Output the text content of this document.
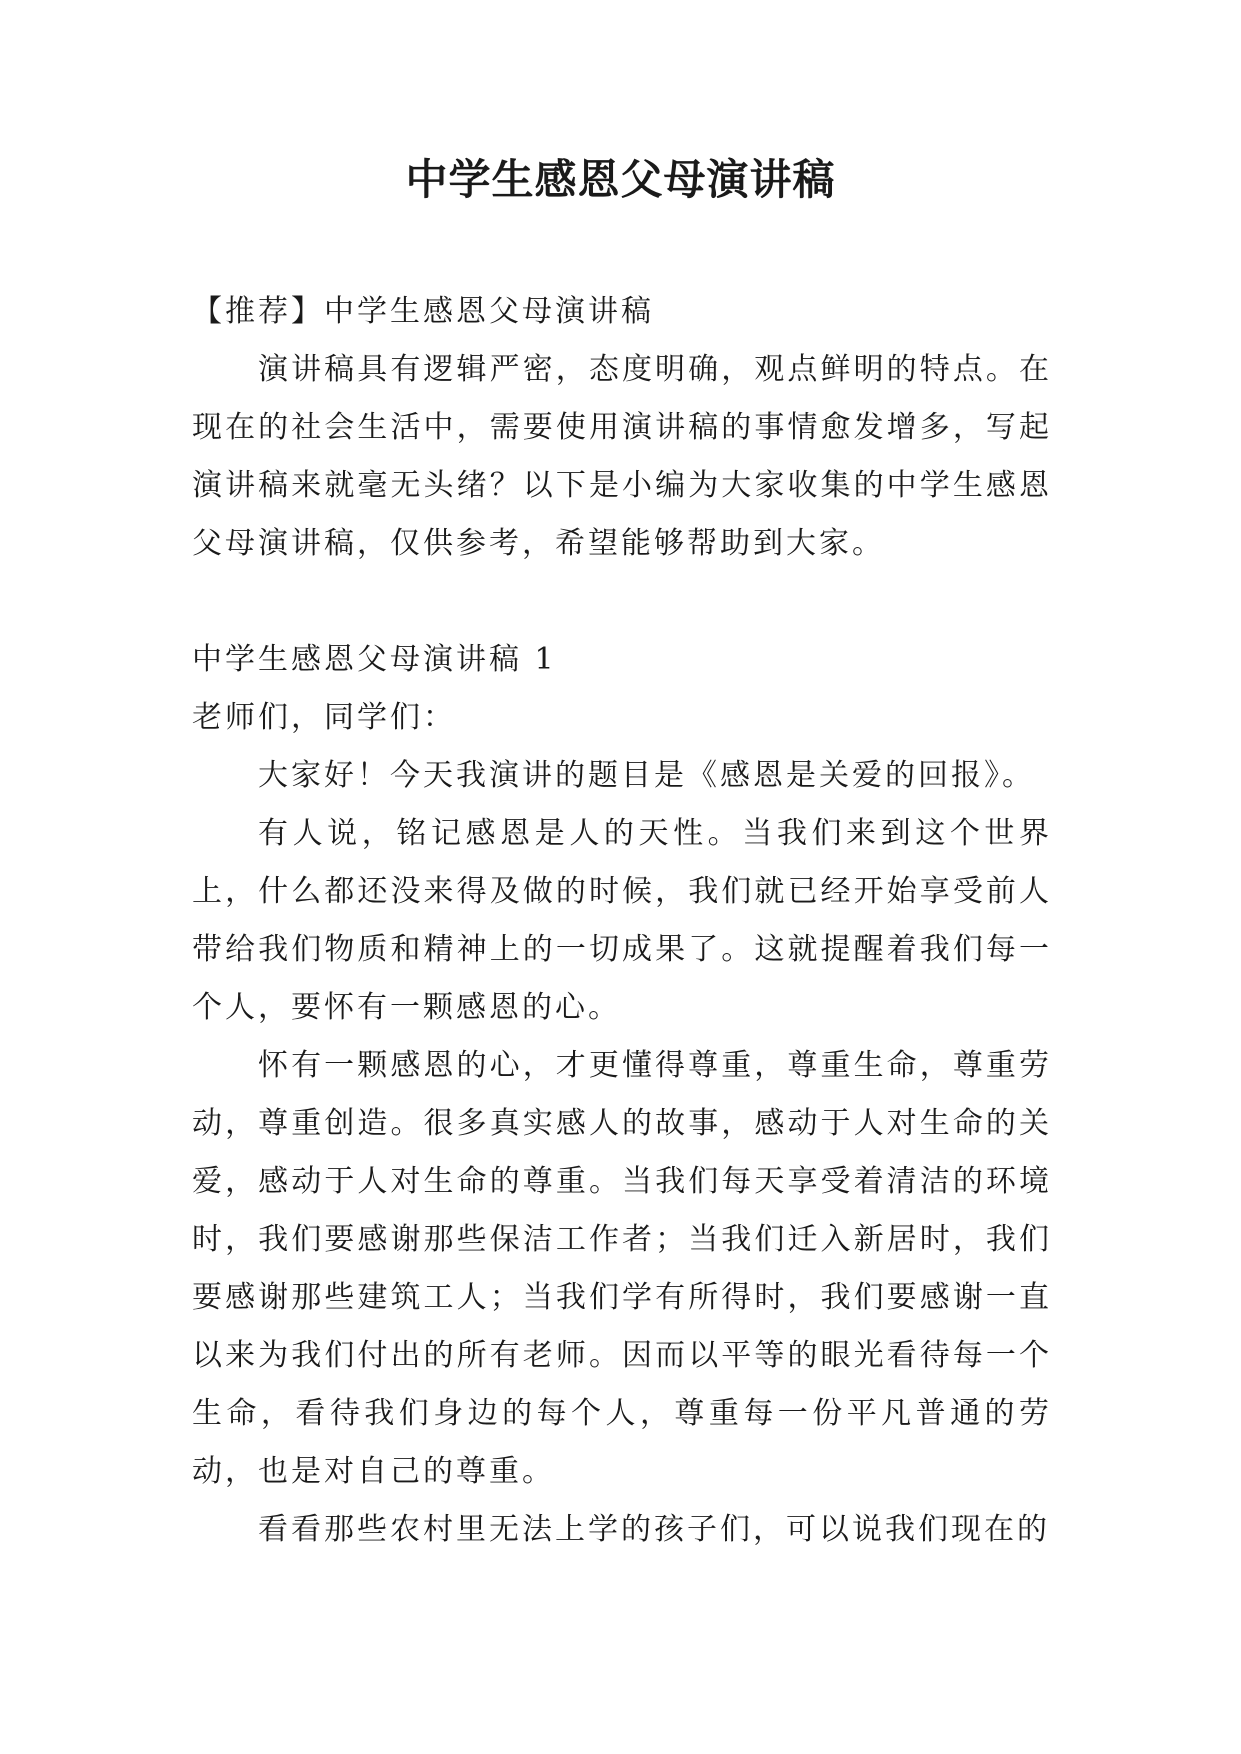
中学生感恩父母演讲稿

【推荐】中学生感恩父母演讲稿

演讲稿具有逻辑严密，态度明确，观点鲜明的特点。在现在的社会生活中，需要使用演讲稿的事情愈发增多，写起演讲稿来就毫无头绪？以下是小编为大家收集的中学生感恩父母演讲稿，仅供参考，希望能够帮助到大家。

中学生感恩父母演讲稿 1

老师们，同学们：

大家好！今天我演讲的题目是《感恩是关爱的回报》。

有人说，铭记感恩是人的天性。当我们来到这个世界上，什么都还没来得及做的时候，我们就已经开始享受前人带给我们物质和精神上的一切成果了。这就提醒着我们每一个人，要怀有一颗感恩的心。

怀有一颗感恩的心，才更懂得尊重，尊重生命，尊重劳动，尊重创造。很多真实感人的故事，感动于人对生命的关爱，感动于人对生命的尊重。当我们每天享受着清洁的环境时，我们要感谢那些保洁工作者；当我们迁入新居时，我们要感谢那些建筑工人；当我们学有所得时，我们要感谢一直以来为我们付出的所有老师。因而以平等的眼光看待每一个生命，看待我们身边的每个人，尊重每一份平凡普通的劳动，也是对自己的尊重。

看看那些农村里无法上学的孩子们，可以说我们现在的
